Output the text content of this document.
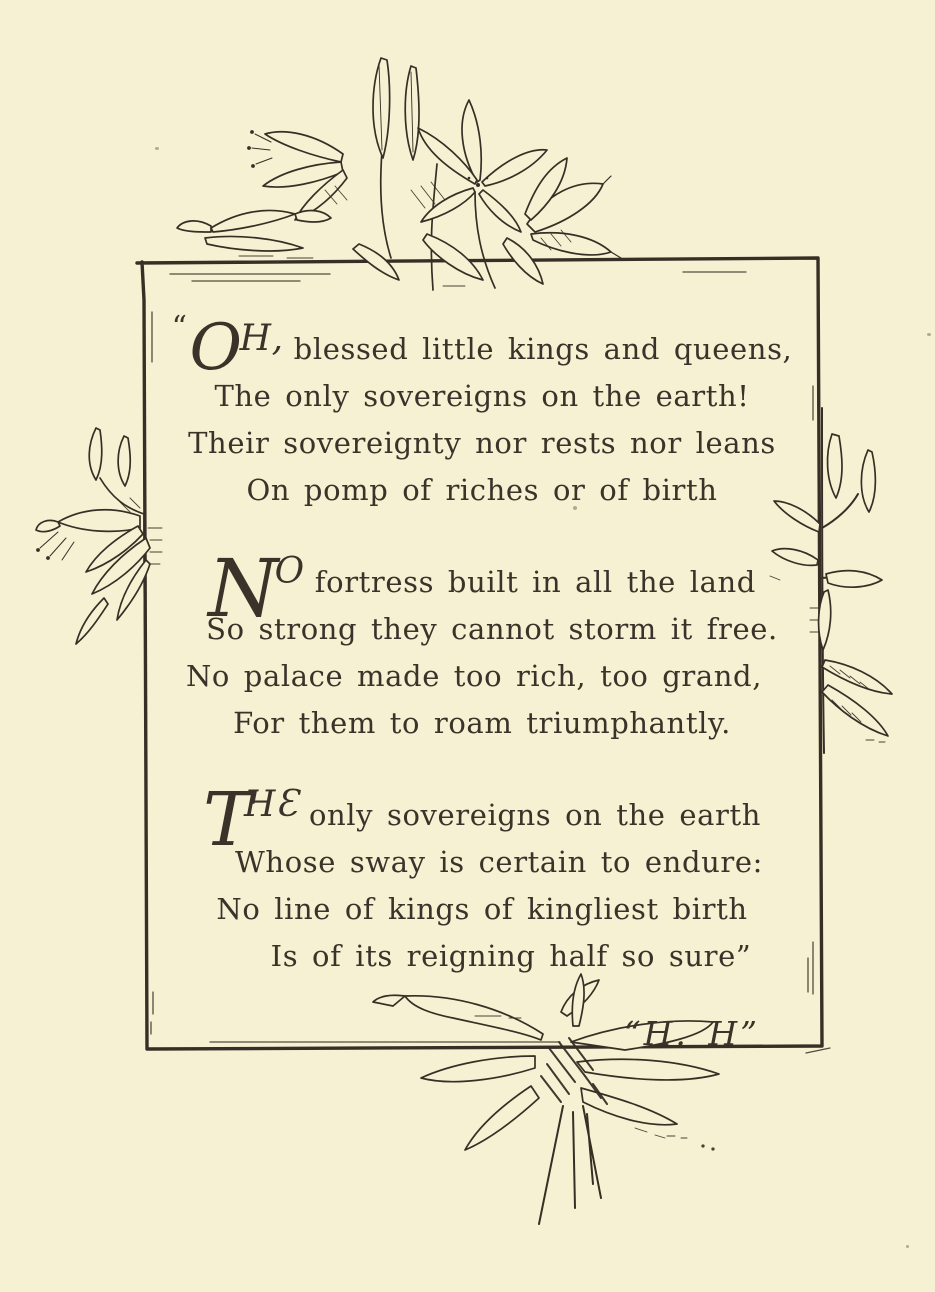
“OH, blessed little kings and queens,
The only sovereigns on the earth!
Their sovereignty nor rests nor leans
On pomp of riches or of birth
NO fortress built in all the land
So strong they cannot storm it free.
No palace made too rich, too grand,
For them to roam triumphantly.
THƐ only sovereigns on the earth
Whose sway is certain to endure:
No line of kings of kingliest birth
Is of its reigning half so sure”
“H. H”
